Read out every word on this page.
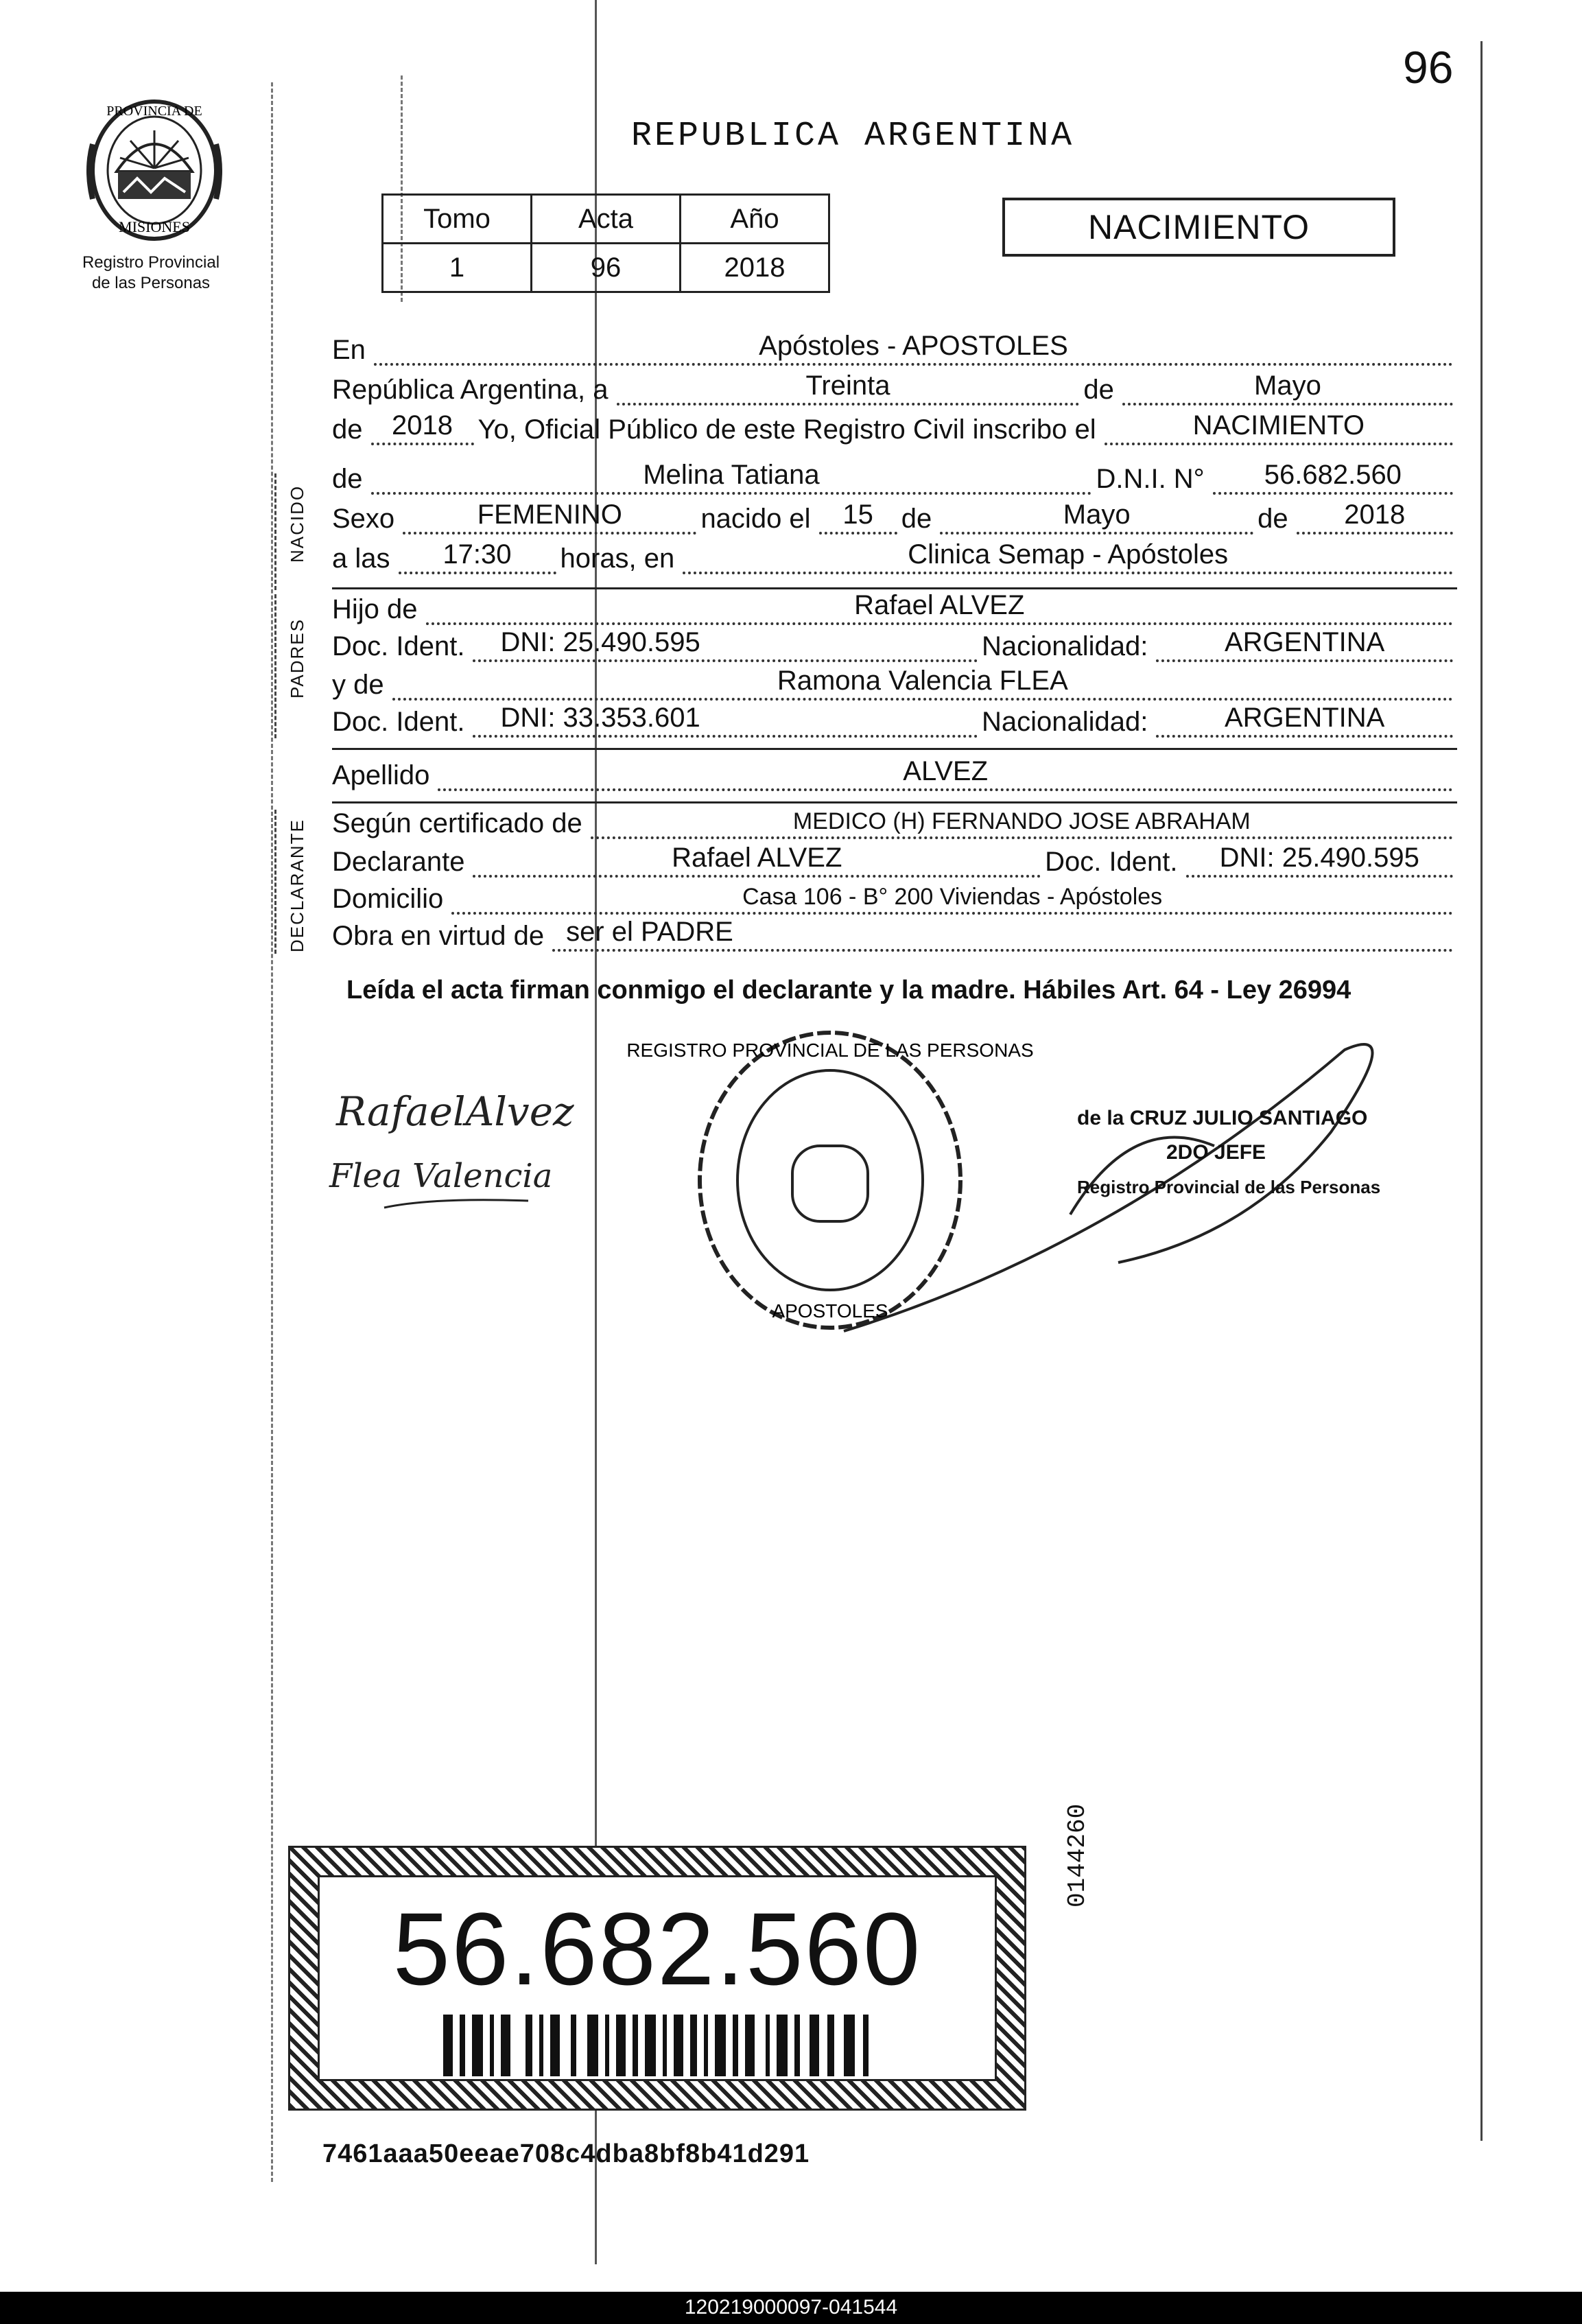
96
PROVINCIA DE
MISIONES
Registro Provincial
de las Personas
REPUBLICA ARGENTINA
Tomo	Acta	Año
1	96	2018
NACIMIENTO
En	Apóstoles - APOSTOLES
República Argentina, a	Treinta	de	Mayo
de	2018 Yo, Oficial Público de este Registro Civil inscribo el	NACIMIENTO
NACIDO
de	Melina Tatiana	D.N.I. N°	56.682.560
Sexo	FEMENINO	nacido el	15	de	Mayo	de	2018
a las	17:30	horas, en	Clinica Semap - Apóstoles
PADRES
Hijo de	Rafael ALVEZ
Doc. Ident.	DNI: 25.490.595	Nacionalidad:	ARGENTINA
y de	Ramona Valencia FLEA
Doc. Ident.	DNI: 33.353.601	Nacionalidad:	ARGENTINA
Apellido	ALVEZ
DECLARANTE Según certificado de	MEDICO (H) FERNANDO JOSE ABRAHAM
Declarante	Rafael ALVEZ	Doc. Ident.	DNI: 25.490.595
Domicilio	Casa 106 - B° 200 Viviendas - Apóstoles
Obra en virtud de ser el PADRE
Leída el acta firman conmigo el declarante y la madre. Hábiles Art. 64 - Ley 26994
RafaelAlvez
Flea Valencia
REGISTRO PROVINCIAL DE LAS PERSONAS
APOSTOLES
de la CRUZ JULIO SANTIAGO
2DO JEFE
Registro Provincial de las Personas
56.682.560
0144260
7461aaa50eeae708c4dba8bf8b41d291
120219000097-041544
